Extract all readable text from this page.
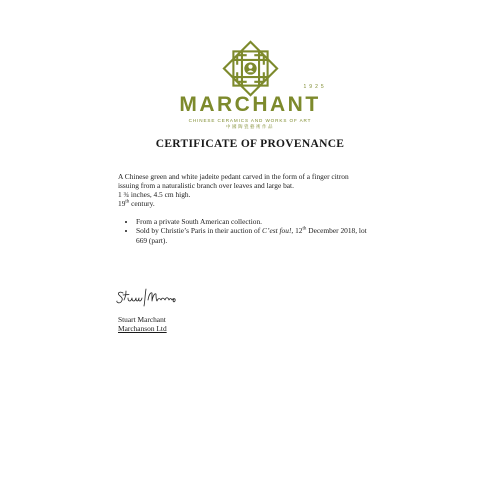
MARCHANT
1925
CHINESE CERAMICS AND WORKS OF ART
中國陶瓷藝術作品
CERTIFICATE OF PROVENANCE

A Chinese green and white jadeite pedant carved in the form of a finger citron

issuing from a naturalistic branch over leaves and large bat.

1 ¾ inches, 4.5 cm high.

19th century.

• From a private South American collection.
• Sold by Christie’s Paris in their auction of C’est fou!, 12th December 2018, lot
669 (part).
Stuart Marchant
Marchanson Ltd
